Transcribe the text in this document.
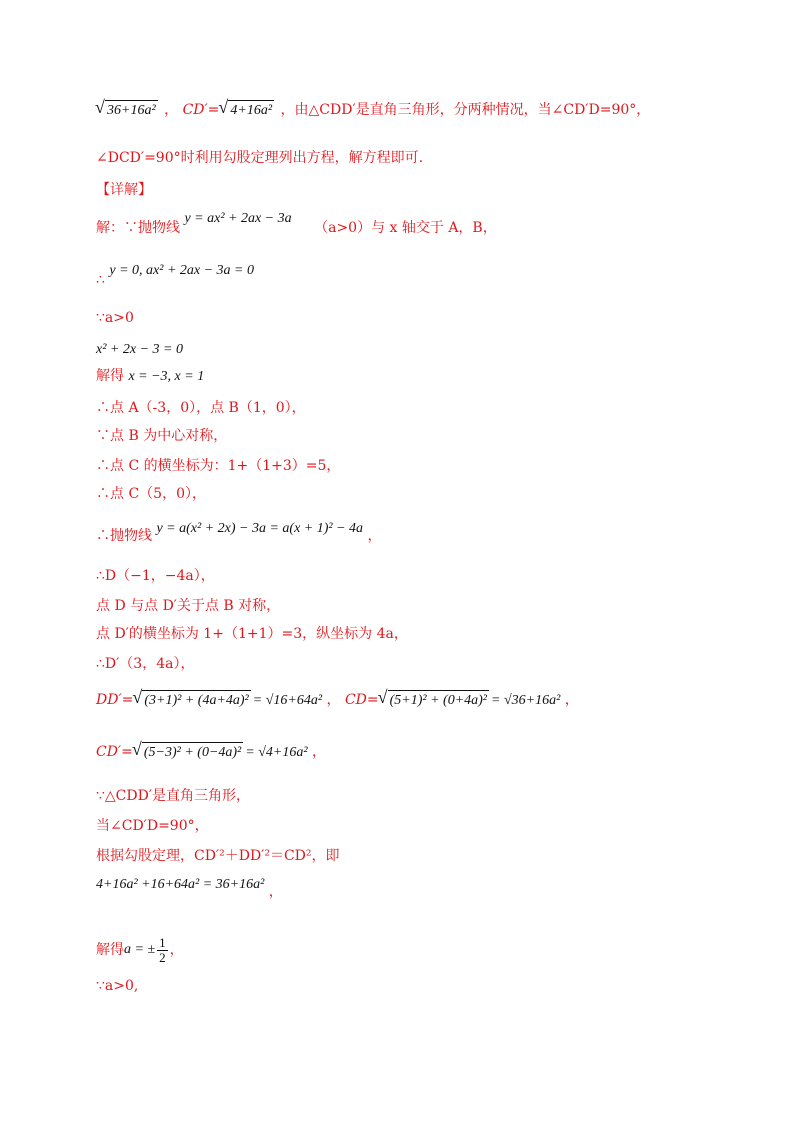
√ 36+16a² ， CD′= √ 4+16a² ，由△CDD′是直角三角形，分两种情况，当∠CD′D=90°，
∠DCD′=90°时利用勾股定理列出方程，解方程即可.
【详解】
解：∵抛物线 y = ax² + 2ax − 3a （a>0）与 x 轴交于 A，B，
∴ y = 0, ax² + 2ax − 3a = 0
∵a>0
x² + 2x − 3 = 0
解得 x = −3, x = 1
∴点 A（-3，0），点 B（1，0），
∵点 B 为中心对称，
∴点 C 的横坐标为：1+（1+3）=5，
∴点 C（5，0），
∴抛物线 y = a(x² + 2x) − 3a = a(x + 1)² − 4a ，
∴D（−1，−4a），
点 D 与点 D′关于点 B 对称，
点 D′的横坐标为 1+（1+1）=3，纵坐标为 4a，
∴D′（3，4a），
DD′= √ (3+1)² + (4a+4a)² = √16+64a² ， CD= √ (5+1)² + (0+4a)² = √36+16a² ，
CD′= √ (5−3)² + (0−4a)² = √4+16a² ，
∵△CDD′是直角三角形，
当∠CD′D=90°，
根据勾股定理，CD′²＋DD′²＝CD²，即
4+16a² +16+64a² = 36+16a² ，
解得 a = ± $\frac{1}{2}$ ，
∵a>0,
